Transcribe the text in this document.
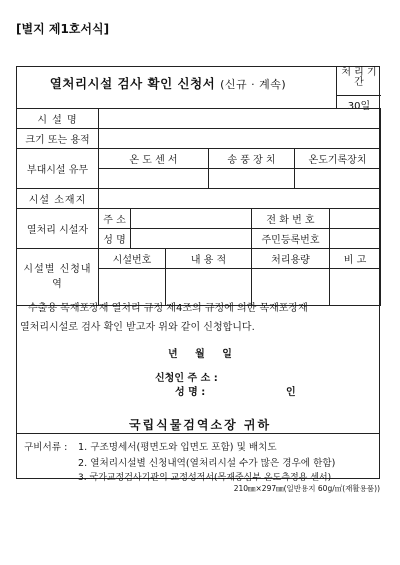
[별지 제1호서식]
열처리시설 검사 확인 신청서 (신규 · 계속)
처 리 기 간
30일
시 설 명							
크기 또는 용적							
부대시설 유무	온 도 센 서			송 풍 장 치		온도기록장치	

시설 소재지							
열처리 시설자	주 소				전 화 번 호		
	성 명				주민등록번호		
시설별 신청내역	시설번호		내 용 적		처리용량		비 고

수출용 목재포장재 열처리 규정 제4조의 규정에 의한 목재포장재
열처리시설로 검사 확인 받고자 위와 같이 신청합니다.
년 월 일
신청인 주 소 :
성 명 :	인
국립식물검역소장 귀하
구비서류 : 1. 구조명세서(평면도와 입면도 포함) 및 배치도
2. 열처리시설별 신청내역(열처리시설 수가 많은 경우에 한함)
3. 국가교정검사기관의 교정성적서(목재중심부 온도측정용 센서)
210㎜×297㎜(일반용지 60g/㎡(재활용품))
